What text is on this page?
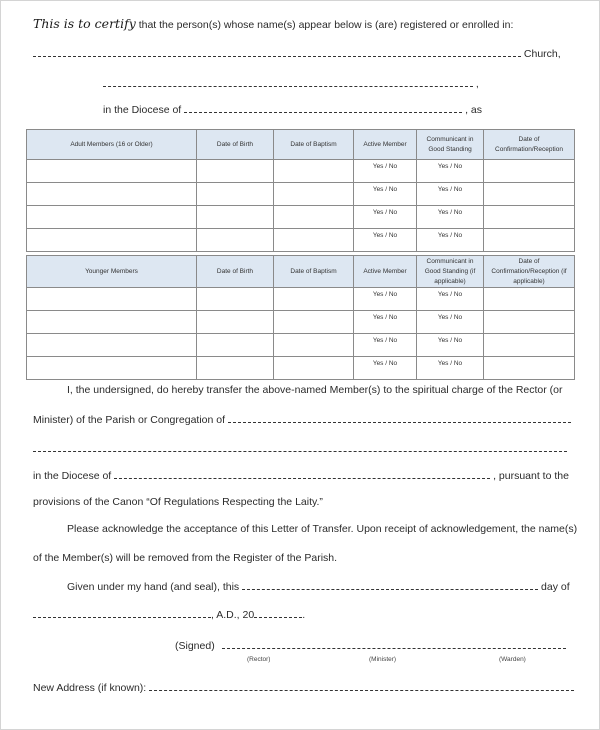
This is to certify that the person(s) whose name(s) appear below is (are) registered or enrolled in:
Church,
,
in the Diocese of	, as
Adult Members (16 or Older)	Date of Birth	Date of Baptism	Active Member	Communicant in Good Standing	Date of Confirmation/Reception
			Yes / No	Yes / No	
			Yes / No	Yes / No	
			Yes / No	Yes / No	
			Yes / No	Yes / No	
Younger Members	Date of Birth	Date of Baptism	Active Member	Communicant in Good Standing (if applicable)	Date of Confirmation/Reception (if applicable)
			Yes / No	Yes / No	
			Yes / No	Yes / No	
			Yes / No	Yes / No	
			Yes / No	Yes / No	
I, the undersigned, do hereby transfer the above-named Member(s) to the spiritual charge of the Rector (or
Minister) of the Parish or Congregation of
in the Diocese of	, pursuant to the
provisions of the Canon “Of Regulations Respecting the Laity.”
Please acknowledge the acceptance of this Letter of Transfer. Upon receipt of acknowledgement, the name(s)
of the Member(s) will be removed from the Register of the Parish.
Given under my hand (and seal), this	day of
, A.D., 20	.
(Signed)
(Rector)	(Minister)	(Warden)
New Address (if known):
